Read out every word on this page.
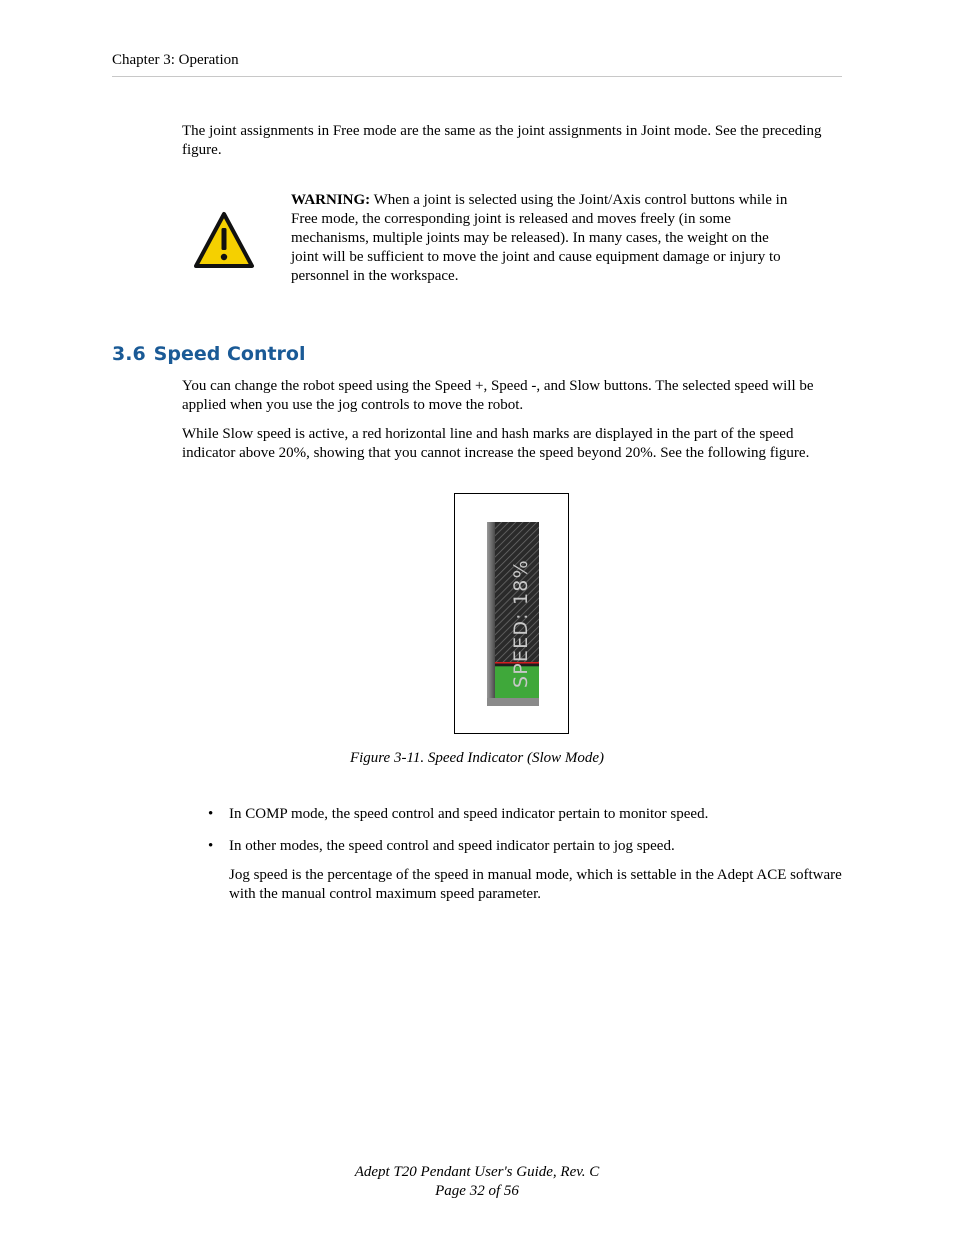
Chapter 3: Operation

The joint assignments in Free mode are the same as the joint assignments in Joint mode. See the preceding figure.

WARNING: When a joint is selected using the Joint/Axis control buttons while in Free mode, the corresponding joint is released and moves freely (in some mechanisms, multiple joints may be released). In many cases, the weight on the joint will be sufficient to move the joint and cause equipment damage or injury to personnel in the workspace.
3.6 Speed Control

You can change the robot speed using the Speed +, Speed -, and Slow buttons. The selected speed will be applied when you use the jog controls to move the robot.

While Slow speed is active, a red horizontal line and hash marks are displayed in the part of the speed indicator above 20%, showing that you cannot increase the speed beyond 20%. See the following figure.

SPEED: 18%
Figure 3-11. Speed Indicator (Slow Mode)
•	In COMP mode, the speed control and speed indicator pertain to monitor speed.
•	In other modes, the speed control and speed indicator pertain to jog speed.

Jog speed is the percentage of the speed in manual mode, which is settable in the Adept ACE software with the manual control maximum speed parameter.

Adept T20 Pendant User's Guide, Rev. C
Page 32 of 56
